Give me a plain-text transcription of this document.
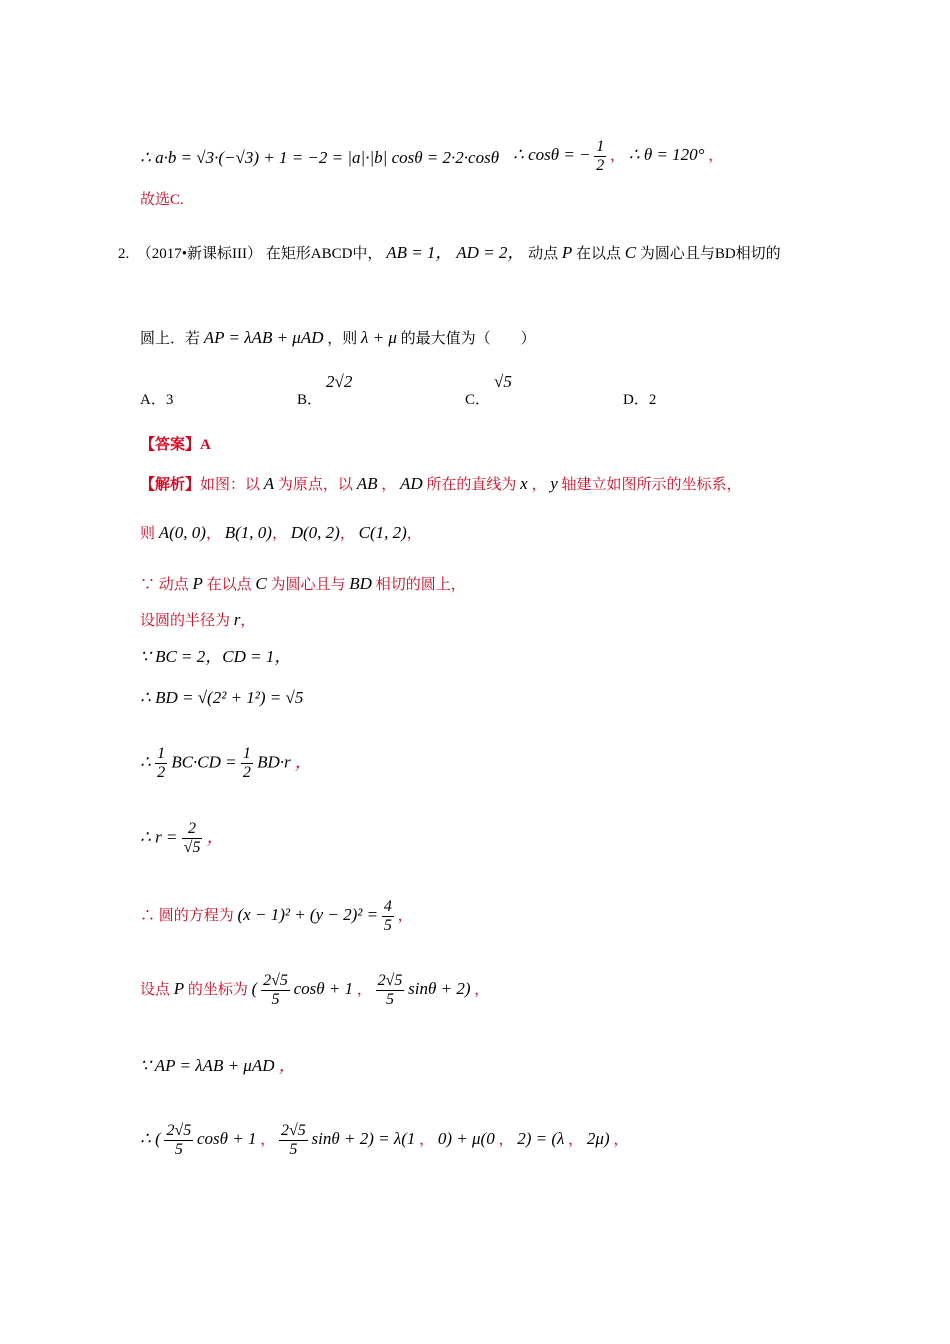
∴ a·b = √3·(−√3) + 1 = −2 = |a|·|b| cosθ = 2·2·cosθ ∴ cosθ = − $\frac{1}{2}$ ， ∴ θ = 120° ，
故选C.
2. （2017•新课标III） 在矩形ABCD中， AB = 1， AD = 2， 动点 P 在以点 C 为圆心且与BD相切的
圆上．若 AP = λAB + μAD ，则 λ + μ 的最大值为（　　）
A．3	B．
2√2
C．
√5
D．2
【答案】A
【解析】如图：以 A 为原点，以 AB ， AD 所在的直线为 x ， y 轴建立如图所示的坐标系，
则 A(0, 0)， B(1, 0)， D(0, 2)， C(1, 2)，
∵ 动点 P 在以点 C 为圆心且与 BD 相切的圆上，
设圆的半径为 r，
∵ BC = 2，CD = 1，
∴ BD = √(2² + 1²) = √5
∴ $\frac{1}{2} BC\cdot CD = \frac{1}{2} BD\cdot r$ ，
∴ $r = \frac{2}{√5}$ ，
∴ 圆的方程为 $(x - 1)^2 + (y - 2)^2 = \frac{4}{5}$ ，
设点 P 的坐标为 ( $\frac{2√5}{5}$ cosθ + 1 ， $\frac{2√5}{5}$ sinθ + 2) ，
∵ AP = λAB + μAD ，
∴ ( $\frac{2√5}{5}$ cosθ + 1 ， $\frac{2√5}{5}$ sinθ + 2) = λ(1 ， 0) + μ(0 ， 2) = (λ ， 2μ) ，
